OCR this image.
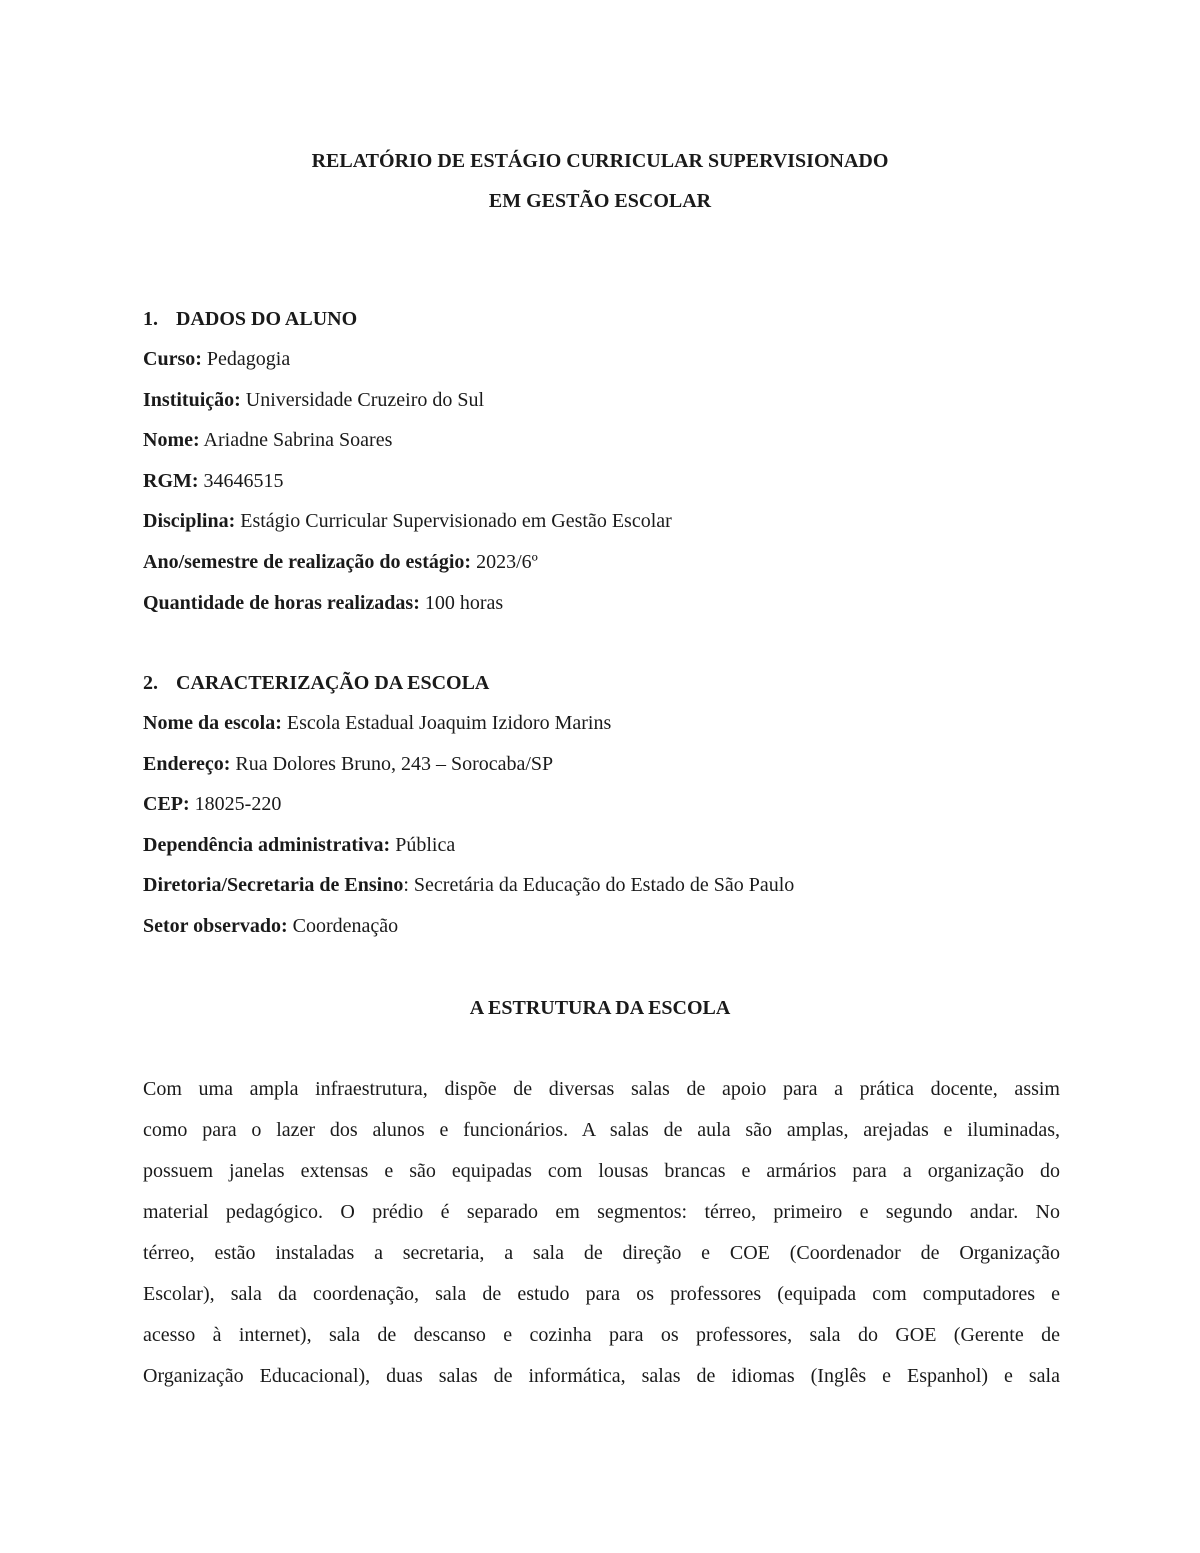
RELATÓRIO DE ESTÁGIO CURRICULAR SUPERVISIONADO
EM GESTÃO ESCOLAR
1. DADOS DO ALUNO
Curso: Pedagogia
Instituição: Universidade Cruzeiro do Sul
Nome: Ariadne Sabrina Soares
RGM: 34646515
Disciplina: Estágio Curricular Supervisionado em Gestão Escolar
Ano/semestre de realização do estágio: 2023/6º
Quantidade de horas realizadas: 100 horas
2. CARACTERIZAÇÃO DA ESCOLA
Nome da escola: Escola Estadual Joaquim Izidoro Marins
Endereço: Rua Dolores Bruno, 243 – Sorocaba/SP
CEP: 18025-220
Dependência administrativa: Pública
Diretoria/Secretaria de Ensino: Secretária da Educação do Estado de São Paulo
Setor observado: Coordenação
A ESTRUTURA DA ESCOLA
Com uma ampla infraestrutura, dispõe de diversas salas de apoio para a prática docente, assim
como para o lazer dos alunos e funcionários. A salas de aula são amplas, arejadas e iluminadas,
possuem janelas extensas e são equipadas com lousas brancas e armários para a organização do
material pedagógico. O prédio é separado em segmentos: térreo, primeiro e segundo andar. No
térreo, estão instaladas a secretaria, a sala de direção e COE (Coordenador de Organização
Escolar), sala da coordenação, sala de estudo para os professores (equipada com computadores e
acesso à internet), sala de descanso e cozinha para os professores, sala do GOE (Gerente de
Organização Educacional), duas salas de informática, salas de idiomas (Inglês e Espanhol) e sala
